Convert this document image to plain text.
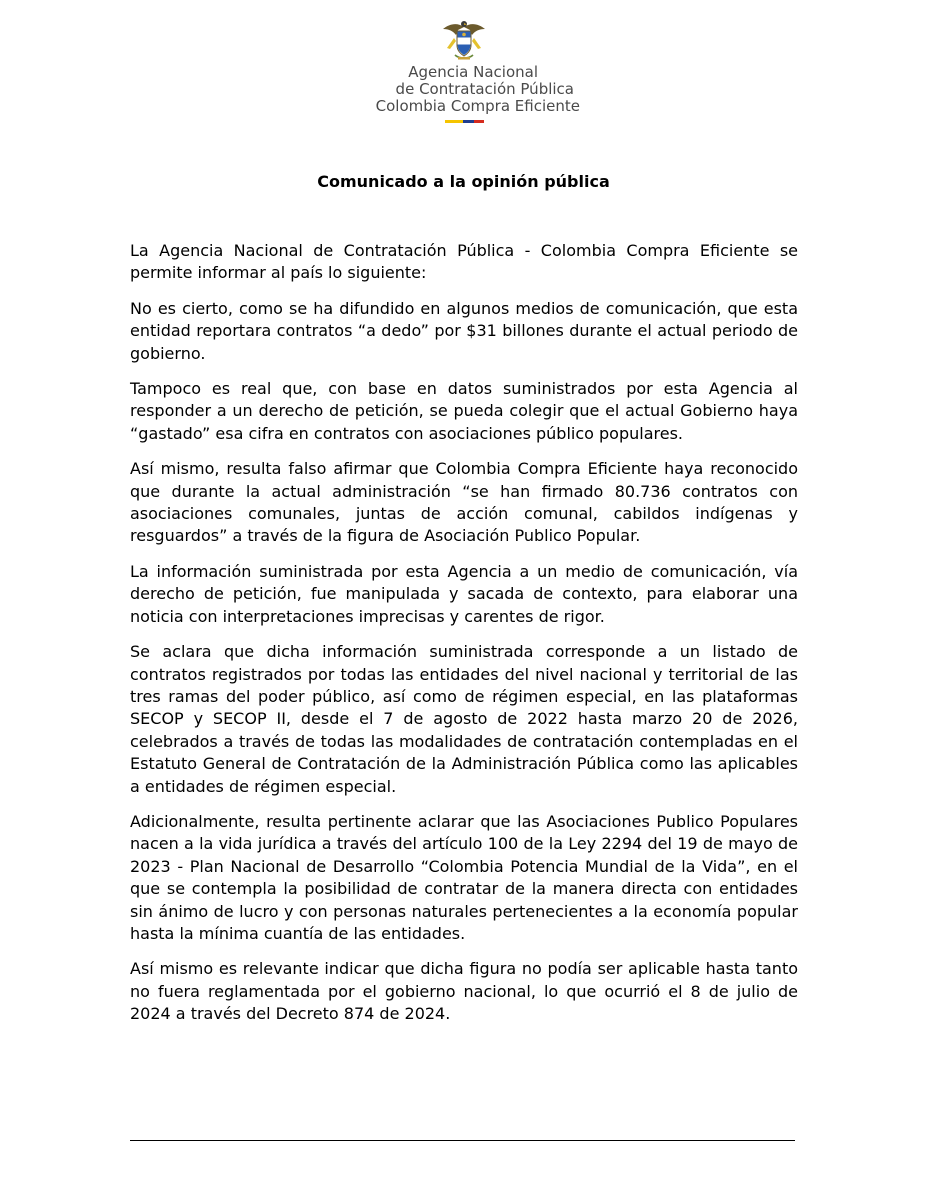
Agencia Nacional
de Contratación Pública
Colombia Compra Eficiente
Comunicado a la opinión pública

La Agencia Nacional de Contratación Pública - Colombia Compra Eficiente se permite informar al país lo siguiente:

No es cierto, como se ha difundido en algunos medios de comunicación, que esta entidad reportara contratos “a dedo” por $31 billones durante el actual periodo de gobierno.

Tampoco es real que, con base en datos suministrados por esta Agencia al responder a un derecho de petición, se pueda colegir que el actual Gobierno haya “gastado” esa cifra en contratos con asociaciones público populares.

Así mismo, resulta falso afirmar que Colombia Compra Eficiente haya reconocido que durante la actual administración “se han firmado 80.736 contratos con asociaciones comunales, juntas de acción comunal, cabildos indígenas y resguardos” a través de la figura de Asociación Publico Popular.

La información suministrada por esta Agencia a un medio de comunicación, vía derecho de petición, fue manipulada y sacada de contexto, para elaborar una noticia con interpretaciones imprecisas y carentes de rigor.

Se aclara que dicha información suministrada corresponde a un listado de contratos registrados por todas las entidades del nivel nacional y territorial de las tres ramas del poder público, así como de régimen especial, en las plataformas SECOP y SECOP II, desde el 7 de agosto de 2022 hasta marzo 20 de 2026, celebrados a través de todas las modalidades de contratación contempladas en el Estatuto General de Contratación de la Administración Pública como las aplicables a entidades de régimen especial.

Adicionalmente, resulta pertinente aclarar que las Asociaciones Publico Populares nacen a la vida jurídica a través del artículo 100 de la Ley 2294 del 19 de mayo de 2023 - Plan Nacional de Desarrollo “Colombia Potencia Mundial de la Vida”, en el que se contempla la posibilidad de contratar de la manera directa con entidades sin ánimo de lucro y con personas naturales pertenecientes a la economía popular hasta la mínima cuantía de las entidades.

Así mismo es relevante indicar que dicha figura no podía ser aplicable hasta tanto no fuera reglamentada por el gobierno nacional, lo que ocurrió el 8 de julio de 2024 a través del Decreto 874 de 2024.
